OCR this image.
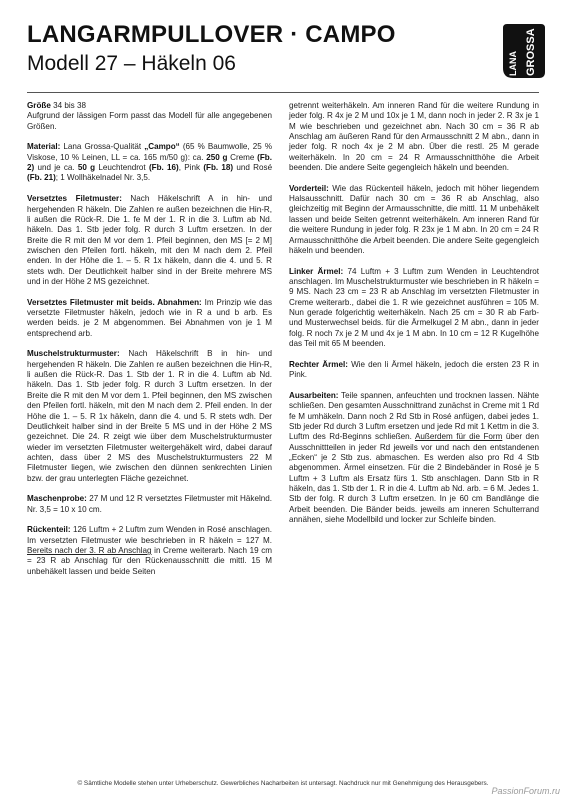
LANGARMPULLOVER · CAMPO
Modell 27 – Häkeln 06	LANA GROSSA

Größe 34 bis 38
Aufgrund der lässigen Form passt das Modell für alle angegebenen Größen.

Material: Lana Grossa-Qualität „Campo“ (65 % Baumwolle, 25 % Viskose, 10 % Leinen, LL = ca. 165 m/50 g): ca. 250 g Creme (Fb. 2) und je ca. 50 g Leuchtendrot (Fb. 16), Pink (Fb. 18) und Rosé (Fb. 21); 1 Wollhäkelnadel Nr. 3,5.

Versetztes Filetmuster: Nach Häkelschrift A in hin- und hergehenden R häkeln. Die Zahlen re außen bezeichnen die Hin-R, li außen die Rück-R. Die 1. fe M der 1. R in die 3. Luftm ab Nd. häkeln. Das 1. Stb jeder folg. R durch 3 Luftm ersetzen. In der Breite die R mit den M vor dem 1. Pfeil beginnen, den MS [= 2 M] zwischen den Pfeilen fortl. häkeln, mit den M nach dem 2. Pfeil enden. In der Höhe die 1. – 5. R 1x häkeln, dann die 4. und 5. R stets wdh. Der Deutlichkeit halber sind in der Breite mehrere MS und in der Höhe 2 MS gezeichnet.

Versetztes Filetmuster mit beids. Abnahmen: Im Prinzip wie das versetzte Filetmuster häkeln, jedoch wie in R a und b arb. Es werden beids. je 2 M abgenommen. Bei Abnahmen von je 1 M entsprechend arb.

Muschelstrukturmuster: Nach Häkelschrift B in hin- und hergehenden R häkeln. Die Zahlen re außen bezeichnen die Hin-R, li außen die Rück-R. Das 1. Stb der 1. R in die 4. Luftm ab Nd. häkeln. Das 1. Stb jeder folg. R durch 3 Luftm ersetzen. In der Breite die R mit den M vor dem 1. Pfeil beginnen, den MS zwischen den Pfeilen fortl. häkeln, mit den M nach dem 2. Pfeil enden. In der Höhe die 1. – 5. R 1x häkeln, dann die 4. und 5. R stets wdh. Der Deutlichkeit halber sind in der Breite 5 MS und in der Höhe 2 MS gezeichnet. Die 24. R zeigt wie über dem Muschelstrukturmuster wieder im versetzten Filetmuster weitergehäkelt wird, dabei darauf achten, dass über 2 MS des Muschelstrukturmusters 22 M Filetmuster liegen, wie zwischen den dünnen senkrechten Linien bzw. der grau unterlegten Fläche gezeichnet.

Maschenprobe: 27 M und 12 R versetztes Filetmuster mit Häkelnd. Nr. 3,5 = 10 x 10 cm.

Rückenteil: 126 Luftm + 2 Luftm zum Wenden in Rosé anschlagen. Im versetzten Filetmuster wie beschrieben in R häkeln = 127 M. Bereits nach der 3. R ab Anschlag in Creme weiterarb. Nach 19 cm = 23 R ab Anschlag für den Rückenausschnitt die mittl. 15 M unbehäkelt lassen und beide Seiten

getrennt weiterhäkeln. Am inneren Rand für die weitere Rundung in jeder folg. R 4x je 2 M und 10x je 1 M, dann noch in jeder 2. R 3x je 1 M wie beschrieben und gezeichnet abn. Nach 30 cm = 36 R ab Anschlag am äußeren Rand für den Armausschnitt 2 M abn., dann in jeder folg. R noch 4x je 2 M abn. Über die restl. 25 M gerade weiterhäkeln. In 20 cm = 24 R Armausschnitthöhe die Arbeit beenden. Die andere Seite gegengleich häkeln und beenden.

Vorderteil: Wie das Rückenteil häkeln, jedoch mit höher liegendem Halsausschnitt. Dafür nach 30 cm = 36 R ab Anschlag, also gleichzeitig mit Beginn der Armausschnitte, die mittl. 11 M unbehäkelt lassen und beide Seiten getrennt weiterhäkeln. Am inneren Rand für die weitere Rundung in jeder folg. R 23x je 1 M abn. In 20 cm = 24 R Armausschnitthöhe die Arbeit beenden. Die andere Seite gegengleich häkeln und beenden.

Linker Ärmel: 74 Luftm + 3 Luftm zum Wenden in Leuchtendrot anschlagen. Im Muschelstrukturmuster wie beschrieben in R häkeln = 9 MS. Nach 23 cm = 23 R ab Anschlag im versetzten Filetmuster in Creme weiterarb., dabei die 1. R wie gezeichnet ausführen = 105 M. Nun gerade folgerichtig weiterhäkeln. Nach 25 cm = 30 R ab Farb- und Musterwechsel beids. für die Ärmelkugel 2 M abn., dann in jeder folg. R noch 7x je 2 M und 4x je 1 M abn. In 10 cm = 12 R Kugelhöhe das Teil mit 65 M beenden.

Rechter Ärmel: Wie den li Ärmel häkeln, jedoch die ersten 23 R in Pink.

Ausarbeiten: Teile spannen, anfeuchten und trocknen lassen. Nähte schließen. Den gesamten Ausschnittrand zunächst in Creme mit 1 Rd fe M umhäkeln. Dann noch 2 Rd Stb in Rosé anfügen, dabei jedes 1. Stb jeder Rd durch 3 Luftm ersetzen und jede Rd mit 1 Kettm in die 3. Luftm des Rd-Beginns schließen. Außerdem für die Form über den Ausschnittteilen in jeder Rd jeweils vor und nach den entstandenen „Ecken“ je 2 Stb zus. abmaschen. Es werden also pro Rd 4 Stb abgenommen. Ärmel einsetzen. Für die 2 Bindebänder in Rosé je 5 Luftm + 3 Luftm als Ersatz fürs 1. Stb anschlagen. Dann Stb in R häkeln, das 1. Stb der 1. R in die 4. Luftm ab Nd. arb. = 6 M. Jedes 1. Stb der folg. R durch 3 Luftm ersetzen. In je 60 cm Bandlänge die Arbeit beenden. Die Bänder beids. jeweils am inneren Schulterrand annähen, siehe Modellbild und locker zur Schleife binden.

© Sämtliche Modelle stehen unter Urheberschutz. Gewerbliches Nacharbeiten ist untersagt. Nachdruck nur mit Genehmigung des Herausgebers.
PassionForum.ru
